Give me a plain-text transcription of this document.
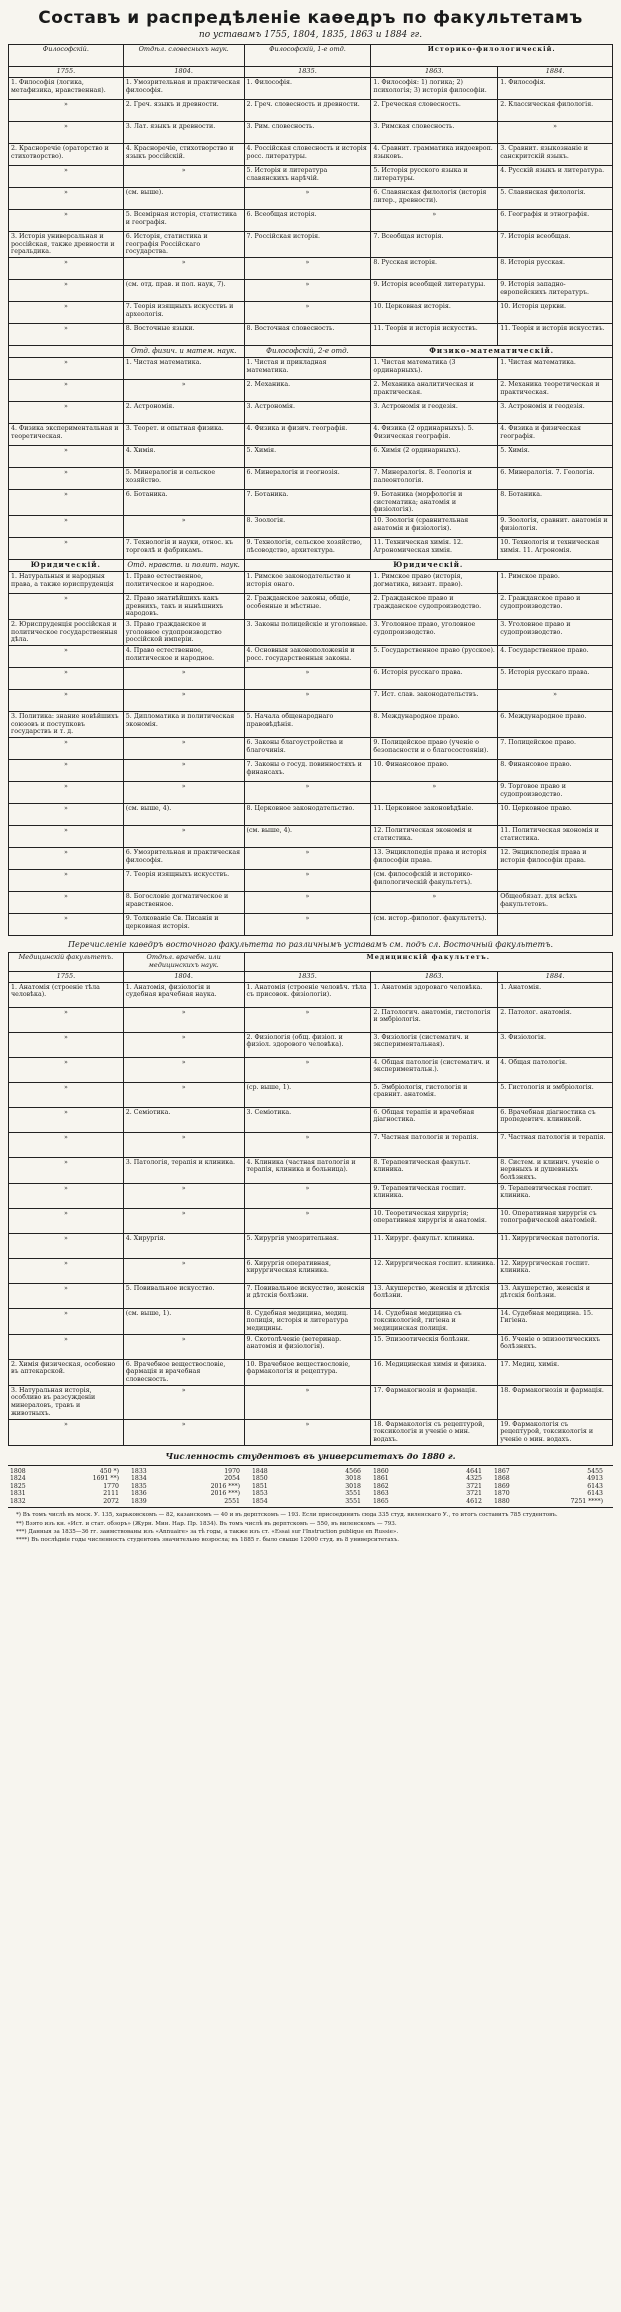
Составъ и распредѣленіе каѳедръ по факультетамъ
по уставамъ 1755, 1804, 1835, 1863 и 1884 гг.
Философскій.	Отдѣл. словесныхъ наук.	Философскій, 1-е отд.	Историко-филологическій.	
1755.	1804.	1835.	1863.	1884.
1. Философія (логика, метафизика, нравственная).	1. Умозрительная и практическая философія.	1. Философія.	1. Философія: 1) логика; 2) психологія; 3) исторія философіи.	1. Философія.
»	2. Греч. языкъ и древности.	2. Греч. словесность и древности.	2. Греческая словесность.	2. Классическая филологія.
»	3. Лат. языкъ и древности.	3. Рим. словесность.	3. Римская словесность.	»
2. Красноречіе (ораторство и стихотворство).	4. Красноречіе, стихотворство и языкъ россійскій.	4. Россійская словесность и исторія росс. литературы.	4. Сравнит. грамматика индоевроп. языковъ.	3. Сравнит. языкознаніе и санскритскій языкъ.
»	»	5. Исторія и литература славянскихъ нарѣчій.	5. Исторія русского языка и литературы.	4. Русскій языкъ и литература.
»	(см. выше).	»	6. Славянская филологія (исторія литер., древности).	5. Славянская филологія.
»	5. Всемірная исторія, статистика и географія.	6. Всеобщая исторія.	»	6. Географія и этнографія.
3. Исторія универсальная и россійская, также древности и геральдика.	6. Исторія, статистика и географія Россійскаго государства.	7. Россійская исторія.	7. Всеобщая исторія.	7. Исторія всеобщая.
»	»	»	8. Русская исторія.	8. Исторія русская.
»	(см. отд. прав. и пол. наук, 7).	»	9. Исторія всеобщей литературы.	9. Исторія западно-европейскихъ литературъ.
»	7. Теорія изящныхъ искусствъ и археологія.	»	10. Церковная исторія.	10. Исторія церкви.
»	8. Восточные языки.	8. Восточная словесность.	11. Теорія и исторія искусствъ.	11. Теорія и исторія искусствъ.
	Отд. физич. и матем. наук.	Философскій, 2-е отд.	Физико-математическій.	
»	1. Чистая математика.	1. Чистая и прикладная математика.	1. Чистая математика (3 ординарныхъ).	1. Чистая математика.
»	»	2. Механика.	2. Механика аналитическая и практическая.	2. Механика теоретическая и практическая.
»	2. Астрономія.	3. Астрономія.	3. Астрономія и геодезія.	3. Астрономія и геодезія.
4. Физика экспериментальная и теоретическая.	3. Теорет. и опытная физика.	4. Физика и физич. географія.	4. Физика (2 ординарныхъ). 5. Физическая географія.	4. Физика и физическая географія.
»	4. Химія.	5. Химія.	6. Химія (2 ординарныхъ).	5. Химія.
»	5. Минералогія и сельское хозяйство.	6. Минералогія и геогнозія.	7. Минералогія. 8. Геологія и палеонтологія.	6. Минералогія. 7. Геологія.
»	6. Ботаника.	7. Ботаника.	9. Ботаника (морфологія и систематика; анатомія и физіологія).	8. Ботаника.
»	»	8. Зоологія.	10. Зоологія (сравнительная анатомія и физіологія).	9. Зоологія, сравнит. анатомія и физіологія.
»	7. Технологія и науки, относ. къ торговлѣ и фабрикамъ.	9. Технологія, сельское хозяйство, лѣсоводство, архитектура.	11. Техническая химія. 12. Агрономическая химія.	10. Технологія и техническая химія. 11. Агрономія.
Юридическій.	Отд. нравств. и полит. наук.	Юридическій.		
1. Натуральныя и народныя права, а также юриспруденція	1. Право естественное, политическое и народное.	1. Римское законодательство и исторія онаго.	1. Римское право (исторія, догматика, визант. право).	1. Римское право.
»	2. Право знатнѣйшихъ какъ древнихъ, такъ и нынѣшнихъ народовъ.	2. Гражданское законы, общіе, особенные и мѣстные.	2. Гражданское право и гражданское судопроизводство.	2. Гражданское право и судопроизводство.
2. Юриспруденція россійская и политическое государственныя дѣла.	3. Право гражданское и уголовное судопроизводство россійской имперіи.	3. Законы полицейскіе и уголовные.	3. Уголовное право, уголовное судопроизводство.	3. Уголовное право и судопроизводство.
»	4. Право естественное, политическое и народное.	4. Основныя законоположенія и росс. государственныя законы.	5. Государственное право (русское).	4. Государственное право.
»	»	»	6. Исторія русскаго права.	5. Исторія русскаго права.
»	»	»	7. Ист. слав. законодательствъ.	»
3. Политика: знание новѣйшихъ союзовъ и поступковъ государствъ и т. д.	5. Дипломатика и политическая экономія.	5. Начала общенароднаго правовѣдѣнія.	8. Международное право.	6. Международное право.
»	»	6. Законы благоустройства и благочинія.	9. Полицейское право (ученіе о безопасности и о благосостояніи).	7. Полицейское право.
»	»	7. Законы о госуд. повинностяхъ и финансахъ.	10. Финансовое право.	8. Финансовое право.
»	»	»	»	9. Торговое право и судопроизводство.
»	(см. выше, 4).	8. Церковное законодательство.	11. Церковное законовѣдѣніе.	10. Церковное право.
»	»	(см. выше, 4).	12. Политическая экономія и статистика.	11. Политическая экономія и статистика.
»	6. Умозрительная и практическая философія.	»	13. Энциклопедія права и исторія философіи права.	12. Энциклопедія права и исторія философіи права.
»	7. Теорія изящныхъ искусствъ.	»	(см. философскій и историко-филологическій факультетъ).	
»	8. Богословіе догматическое и нравственное.	»	»	Общеобязат. для всѣхъ факультетовъ.
»	9. Толкованіе Св. Писанія и церковная исторія.	»	(см. истор.-филолог. факультетъ).	
Перечисленіе каѳедръ восточного факультета по различнымъ уставамъ см. подъ сл. Восточный факультетъ.
Медицинскій факультетъ.	Отдѣл. врачебн. или медицинскихъ наук.	Медицинскій факультетъ.		
1755.	1804.	1835.	1863.	1884.
1. Анатомія (строеніе тѣла человѣка).	1. Анатомія, физіологія и судебная врачебная наука.	1. Анатомія (строеніе человѣч. тѣла съ присовок. физіологіи).	1. Анатомія здороваго человѣка.	1. Анатомія.
»	»	»	2. Патологич. анатомія, гистологія и эмбріологія.	2. Патолог. анатомія.
»	»	2. Физіологія (общ. физіол. и физіол. здорового человѣка).	3. Физіологія (систематич. и экспериментальная).	3. Физіологія.
»	»	»	4. Общая патологія (систематич. и экспериментальн.).	4. Общая патологія.
»	»	(ср. выше, 1).	5. Эмбріологія, гистологія и сравнит. анатомія.	5. Гистологія и эмбріологія.
»	2. Семіотика.	3. Семіотика.	6. Общая терапія и врачебная діагностика.	6. Врачебная діагностика съ пропедевтич. клиникой.
»	»	»	7. Частная патологія и терапія.	7. Частная патологія и терапія.
»	3. Патологія, терапія и клиника.	4. Клиника (частная патологія и терапія, клиника и больница).	8. Терапевтическая факульт. клиника.	8. Систем. и клинич. ученіе о нервныхъ и душевныхъ болѣзняхъ.
»	»	»	9. Терапевтическая госпит. клиника.	9. Терапевтическая госпит. клиника.
»	»	»	10. Теоретическая хирургія; оперативная хирургія и анатомія.	10. Оперативная хирургія съ топографической анатоміей.
»	4. Хирургія.	5. Хирургія умозрительная.	11. Хирург. факульт. клиника.	11. Хирургическая патологія.
»	»	6. Хирургія оперативная, хирургическая клиника.	12. Хирургическая госпит. клиника.	12. Хирургическая госпит. клиника.
»	5. Повивальное искусство.	7. Повивальное искусство, женскія и дѣтскія болѣзни.	13. Акушерство, женскія и дѣтскія болѣзни.	13. Акушерство, женскія и дѣтскія болѣзни.
»	(см. выше, 1).	8. Судебная медицина, медиц. полиція, исторія и литература медицины.	14. Судебная медицина съ токсикологіей, гигіена и медицинская полиція.	14. Судебная медицина. 15. Гигіена.
»	»	9. Скотолѣченіе (ветеринар. анатомія и физіологія).	15. Эпизоотическія болѣзни.	16. Ученіе о эпизоотическихъ болѣзняхъ.
2. Химія физическая, особенно въ аптекарской.	6. Врачебное веществословіе, фармація и врачебная словесность.	10. Врачебное веществословіе, фармакологія и рецептура.	16. Медицинская химія и физика.	17. Медиц. химія.
3. Натуральная исторія, особливо въ разсужденіи минераловъ, травъ и животныхъ.	»	»	17. Фармакогнозія и фармація.	18. Фармакогнозія и фармація.
»	»	»	18. Фармакологія съ рецептурой, токсикологія и ученіе о мин. водахъ.	19. Фармакологія съ рецептурой, токсикологія и ученіе о мин. водахъ.
Численность студентовъ въ университетахъ до 1880 г.
1808	450 *)	1833	1970	1848	4566	1860	4641	1867	5455
1824	1691 **)	1834	2054	1850	3018	1861	4325	1868	4913
1825	1770	1835	2016 ***)	1851	3018	1862	3721	1869	6143
1831	2111	1836	2016 ***)	1853	3551	1863	3721	1870	6143
1832	2072	1839	2551	1854	3551	1865	4612	1880	7251 ****)

*) Въ томъ числѣ въ моск. У. 135, харьковскомъ — 82, казанскомъ — 40 и въ дерптскомъ — 193. Если присоединить сюда 335 студ. виленскаго У., то итогъ составитъ 785 студентовъ.

**) Взято изъ кн. «Ист. и стат. обзоръ» (Журн. Мин. Нар. Пр. 1834). Въ томъ числѣ въ дерптскомъ — 550, въ виленскомъ — 793.

***) Данныя за 1835—36 гг. заимствованы изъ «Annuaire» за тѣ годы, а также изъ ст. «Essai sur l'Instruction publique en Russie».

****) Въ послѣдніе годы численность студентовъ значительно возросла; въ 1885 г. было свыше 12000 студ. въ 8 университетахъ.
